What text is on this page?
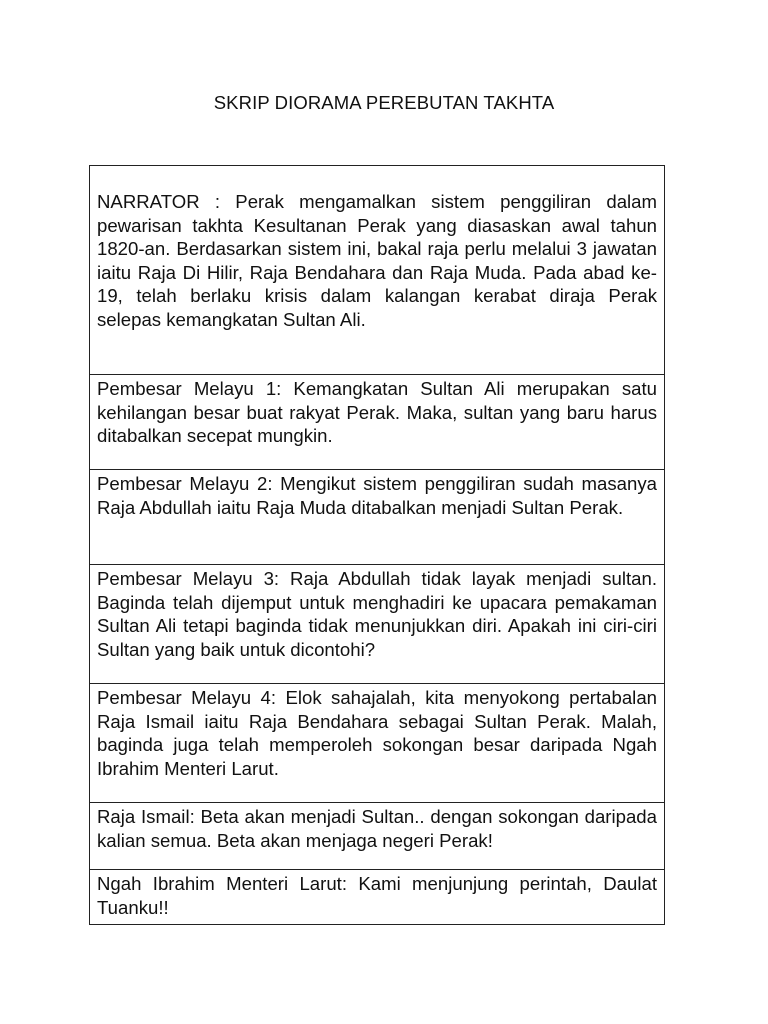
SKRIP DIORAMA PEREBUTAN TAKHTA
NARRATOR : Perak mengamalkan sistem penggiliran dalam pewarisan takhta Kesultanan Perak yang diasaskan awal tahun 1820-an. Berdasarkan sistem ini, bakal raja perlu melalui 3 jawatan iaitu Raja Di Hilir, Raja Bendahara dan Raja Muda. Pada abad ke-19, telah berlaku krisis dalam kalangan kerabat diraja Perak selepas kemangkatan Sultan Ali.
Pembesar Melayu 1: Kemangkatan Sultan Ali merupakan satu kehilangan besar buat rakyat Perak. Maka, sultan yang baru harus ditabalkan secepat mungkin.
Pembesar Melayu 2: Mengikut sistem penggiliran sudah masanya Raja Abdullah iaitu Raja Muda ditabalkan menjadi Sultan Perak.
Pembesar Melayu 3: Raja Abdullah tidak layak menjadi sultan. Baginda telah dijemput untuk menghadiri ke upacara pemakaman Sultan Ali tetapi baginda tidak menunjukkan diri. Apakah ini ciri-ciri Sultan yang baik untuk dicontohi?
Pembesar Melayu 4: Elok sahajalah, kita menyokong pertabalan Raja Ismail iaitu Raja Bendahara sebagai Sultan Perak. Malah, baginda juga telah memperoleh sokongan besar daripada Ngah Ibrahim Menteri Larut.
Raja Ismail: Beta akan menjadi Sultan.. dengan sokongan daripada kalian semua. Beta akan menjaga negeri Perak!
Ngah Ibrahim Menteri Larut: Kami menjunjung perintah, Daulat Tuanku!!
